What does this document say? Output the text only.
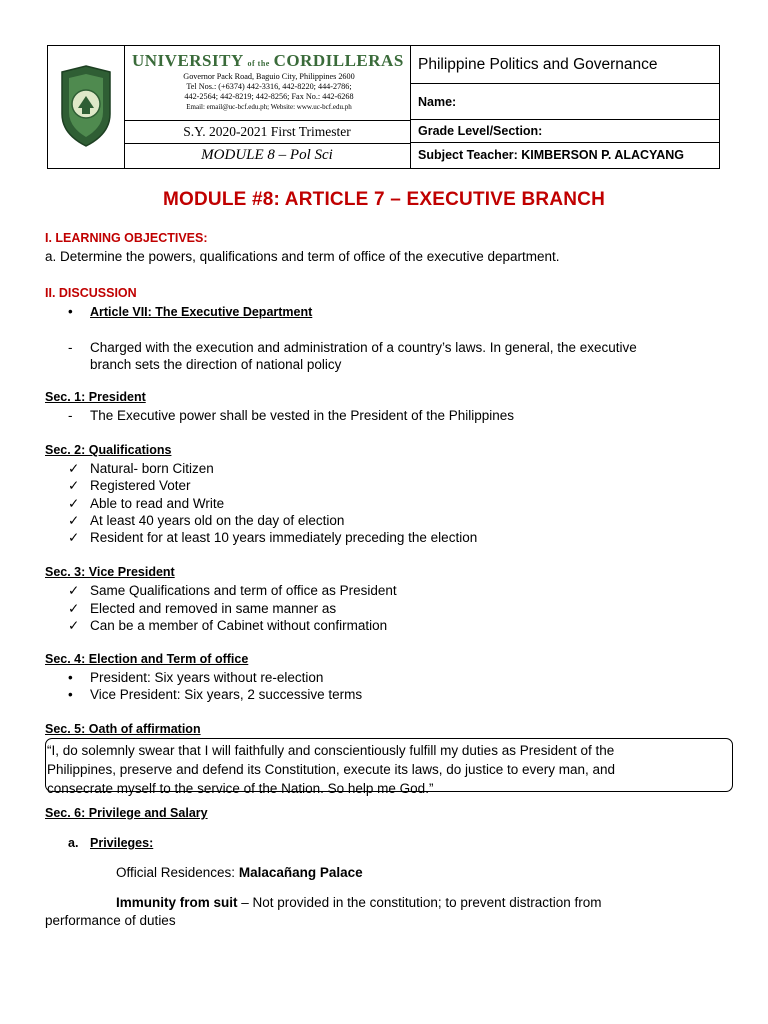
UNIVERSITY of the CORDILLERAS
Governor Pack Road, Baguio City, Philippines 2600
Tel Nos.: (+6374) 442-3316, 442-8220; 444-2786;
442-2564; 442-8219; 442-8256; Fax No.: 442-6268
Email: email@uc-bcf.edu.ph; Website: www.uc-bcf.edu.ph
S.Y. 2020-2021 First Trimester
MODULE 8 – Pol Sci
Philippine Politics and Governance
Name:
Grade Level/Section:
Subject Teacher: KIMBERSON P. ALACYANG
MODULE #8: ARTICLE 7 – EXECUTIVE BRANCH
I. LEARNING OBJECTIVES:
a. Determine the powers, qualifications and term of office of the executive department.
II. DISCUSSION
• Article VII: The Executive Department
- Charged with the execution and administration of a country’s laws. In general, the executive
branch sets the direction of national policy
Sec. 1: President
- The Executive power shall be vested in the President of the Philippines
Sec. 2: Qualifications
✓ Natural- born Citizen
✓ Registered Voter
✓ Able to read and Write
✓ At least 40 years old on the day of election
✓ Resident for at least 10 years immediately preceding the election
Sec. 3: Vice President
✓ Same Qualifications and term of office as President
✓ Elected and removed in same manner as
✓ Can be a member of Cabinet without confirmation
Sec. 4: Election and Term of office
• President: Six years without re-election
• Vice President: Six years, 2 successive terms
Sec. 5: Oath of affirmation
“I, do solemnly swear that I will faithfully and conscientiously fulfill my duties as President of the
Philippines, preserve and defend its Constitution, execute its laws, do justice to every man, and
consecrate myself to the service of the Nation. So help me God.”
Sec. 6: Privilege and Salary
a. Privileges:
Official Residences: Malacañang Palace
Immunity from suit – Not provided in the constitution; to prevent distraction from
performance of duties
